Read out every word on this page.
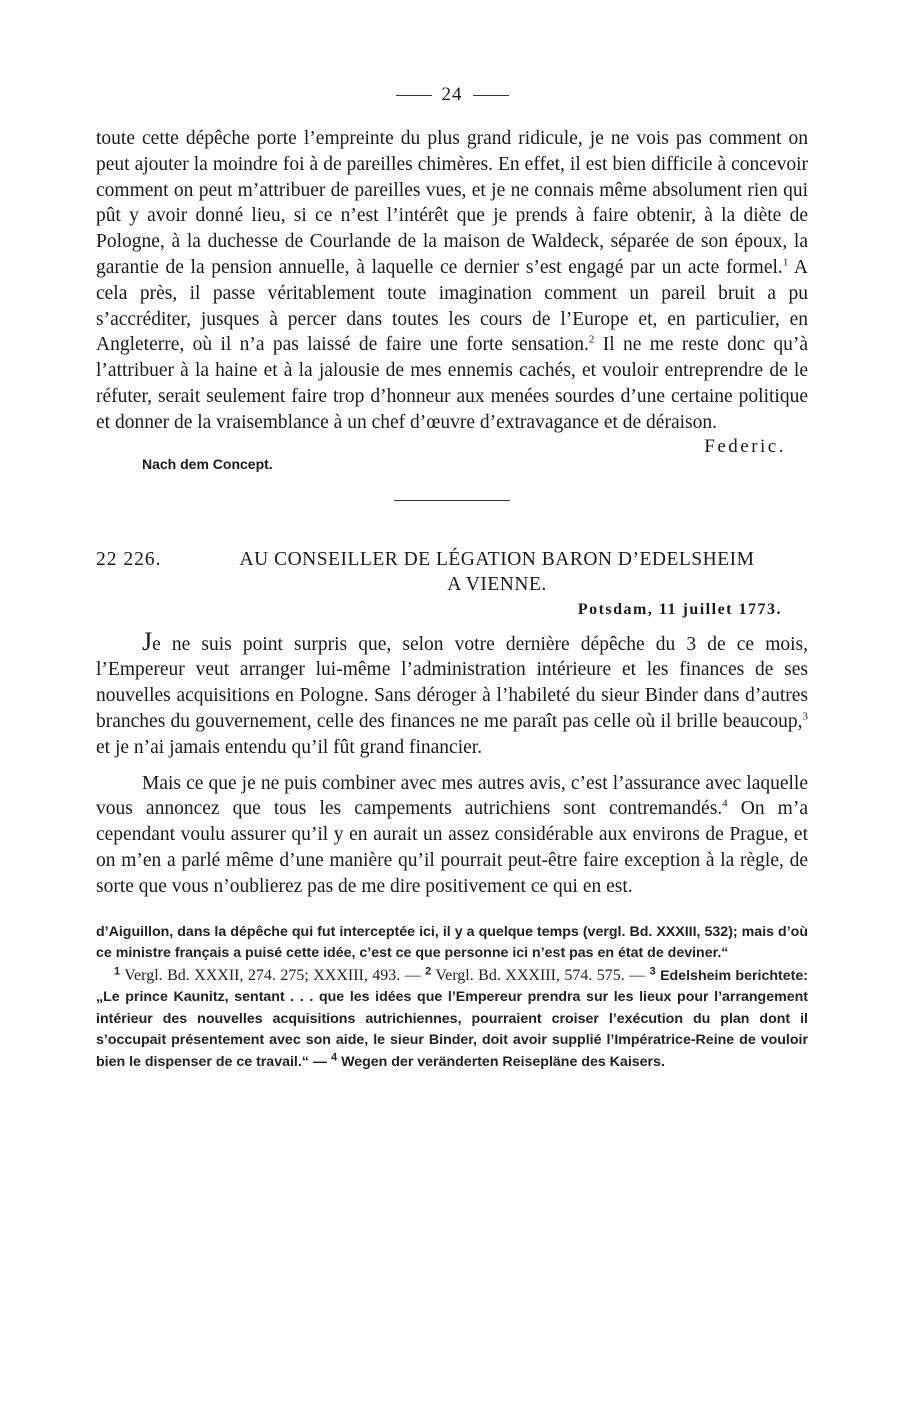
24

toute cette dépêche porte l’empreinte du plus grand ridicule, je ne vois pas comment on peut ajouter la moindre foi à de pareilles chimères. En effet, il est bien difficile à concevoir comment on peut m’attribuer de pareilles vues, et je ne connais même absolument rien qui pût y avoir donné lieu, si ce n’est l’intérêt que je prends à faire obtenir, à la diète de Pologne, à la duchesse de Courlande de la maison de Waldeck, séparée de son époux, la garantie de la pension annuelle, à laquelle ce dernier s’est engagé par un acte formel.$^1$ A cela près, il passe véritablement toute imagination comment un pareil bruit a pu s’accréditer, jusques à percer dans toutes les cours de l’Europe et, en particulier, en Angleterre, où il n’a pas laissé de faire une forte sensation.$^2$ Il ne me reste donc qu’à l’attribuer à la haine et à la jalousie de mes ennemis cachés, et vouloir entreprendre de le réfuter, serait seulement faire trop d’honneur aux menées sourdes d’une certaine politique et donner de la vraisemblance à un chef d’œuvre d’extravagance et de déraison.

Nach dem Concept.
Federic.
22 226.	AU CONSEILLER DE LÉGATION BARON D’EDELSHEIM
A VIENNE.
Potsdam, 11 juillet 1773.

Je ne suis point surpris que, selon votre dernière dépêche du 3 de ce mois, l’Empereur veut arranger lui-même l’administration intérieure et les finances de ses nouvelles acquisitions en Pologne. Sans déroger à l’habileté du sieur Binder dans d’autres branches du gouvernement, celle des finances ne me paraît pas celle où il brille beaucoup,$^3$ et je n’ai jamais entendu qu’il fût grand financier.

Mais ce que je ne puis combiner avec mes autres avis, c’est l’assurance avec laquelle vous annoncez que tous les campements autrichiens sont contremandés.$^4$ On m’a cependant voulu assurer qu’il y en aurait un assez considérable aux environs de Prague, et on m’en a parlé même d’une manière qu’il pourrait peut-être faire exception à la règle, de sorte que vous n’oublierez pas de me dire positivement ce qui en est.

d’Aiguillon, dans la dépêche qui fut interceptée ici, il y a quelque temps (vergl. Bd. XXXIII, 532); mais d’où ce ministre français a puisé cette idée, c’est ce que personne ici n’est pas en état de deviner.“

$^1$ Vergl. Bd. XXXII, 274. 275; XXXIII, 493. — $^2$ Vergl. Bd. XXXIII, 574. 575. — $^3$ Edelsheim berichtete: „Le prince Kaunitz, sentant . . . que les idées que l’Empereur prendra sur les lieux pour l’arrangement intérieur des nouvelles acquisitions autrichiennes, pourraient croiser l’exécution du plan dont il s’occupait présentement avec son aide, le sieur Binder, doit avoir supplié l’Impératrice-Reine de vouloir bien le dispenser de ce travail.“ — $^4$ Wegen der veränderten Reisepläne des Kaisers.
